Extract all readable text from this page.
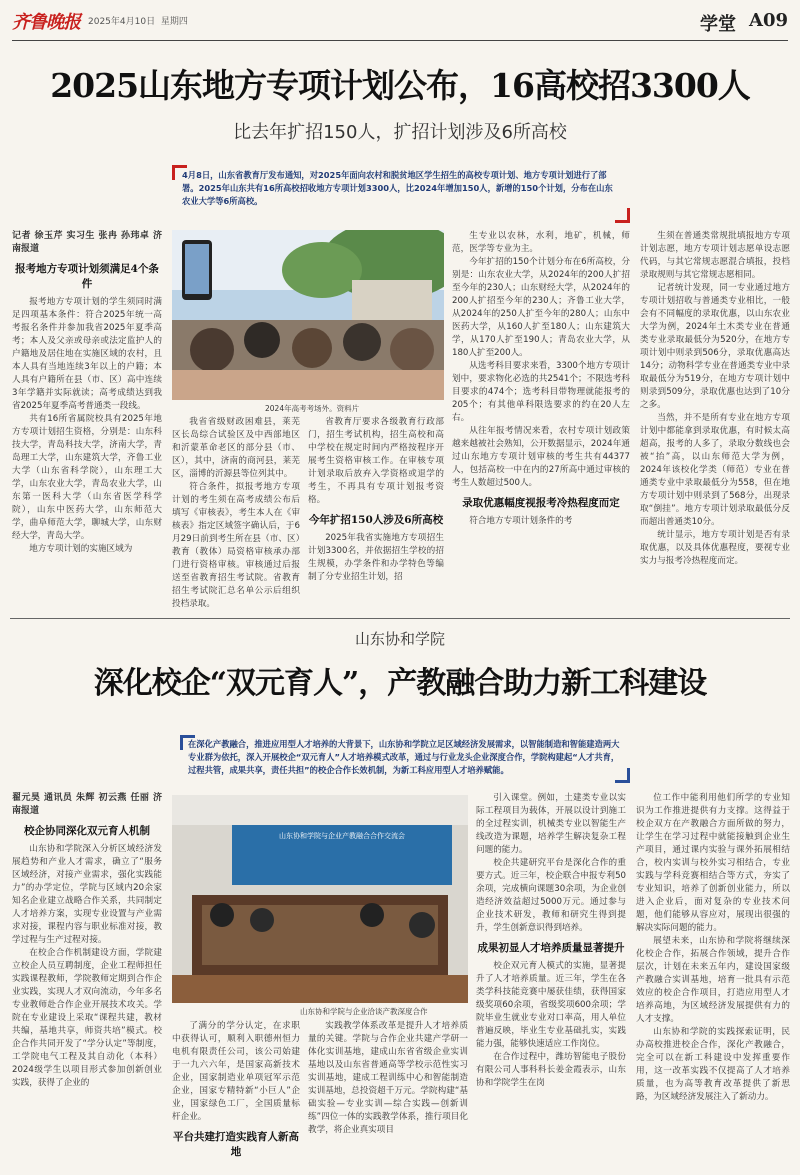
齐鲁晚报 2025年4月10日 星期四	学堂 A09
2025山东地方专项计划公布，16高校招3300人
比去年扩招150人，扩招计划涉及6所高校
4月8日，山东省教育厅发布通知，对2025年面向农村和脱贫地区学生招生的高校专项计划、地方专项计划进行了部署。2025年山东共有16所高校招收地方专项计划3300人，比2024年增加150人，新增的150个计划，分布在山东农业大学等6所高校。
记者 徐玉芹 实习生 张冉 孙玮卓 济南报道
报考地方专项计划须满足4个条件

报考地方专项计划的学生须同时满足四项基本条件：符合2025年统一高考报名条件并参加我省2025年夏季高考；本人及父亲或母亲或法定监护人的户籍地及居住地在实施区域的农村，且本人具有当地连续3年以上的户籍；本人具有户籍所在县（市、区）高中连续3年学籍并实际就读；高考成绩达到我省2025年夏季高考普通类一段线。

共有16所省属院校具有2025年地方专项计划招生资格，分别是：山东科技大学，青岛科技大学，济南大学，青岛理工大学，山东建筑大学，齐鲁工业大学（山东省科学院），山东理工大学，山东农业大学，青岛农业大学，山东第一医科大学（山东省医学科学院），山东中医药大学，山东师范大学，曲阜师范大学，聊城大学，山东财经大学，青岛大学。

地方专项计划的实施区域为

2024年高考考场外。资料片

我省省级财政困难县，莱芜区长岛综合试验区及中西部地区和沂蒙革命老区的部分县（市、区），其中，济南的商河县，莱芜区，淄博的沂源县等位列其中。

符合条件，拟报考地方专项计划的考生须在高考成绩公布后填写《审核表》，考生本人在《审核表》指定区域签字确认后，于6月29日前到考生所在县（市、区）教育（教体）局资格审核承办部门进行资格审核。审核通过后报送至省教育招生考试院。省教育招生考试院汇总名单公示后组织投档录取。

省教育厅要求各级教育行政部门，招生考试机构，招生高校和高中学校在规定时间内严格按程序开展考生资格审核工作。在审核专项计划录取后放弃入学资格或退学的考生，不再具有专项计划报考资格。

今年扩招150人涉及6所高校

2025年我省实施地方专项招生计划3300名，并依据招生学校的招生规模，办学条件和办学特色等编制了分专业招生计划，招

生专业以农林，水利，地矿，机械，师范，医学等专业为主。

今年扩招的150个计划分布在6所高校，分别是：山东农业大学，从2024年的200人扩招至今年的230人；山东财经大学，从2024年的200人扩招至今年的230人；齐鲁工业大学，从2024年的250人扩至今年的280人；山东中医药大学，从160人扩至180人；山东建筑大学，从170人扩至190人；青岛农业大学，从180人扩至200人。

从选考科目要求来看，3300个地方专项计划中，要求物化必选的共2541个；不限选考科目要求的474个；选考科目带物理就能报考的205个；有其他单科限选要求的约在20人左右。

从往年报考情况来看，农村专项计划政策越来越被社会熟知，公开数据显示，2024年通过山东地方专项计划审核的考生共有44377人，包括高校一中在内的27所高中通过审核的考生人数超过500人。

录取优惠幅度视报考冷热程度而定

符合地方专项计划条件的考

生须在普通类常规批填报地方专项计划志愿，地方专项计划志愿单设志愿代码，与其它常规志愿混合填报，投档录取规则与其它常规志愿相同。

记者统计发现，同一专业通过地方专项计划招收与普通类专业相比，一般会有不同幅度的录取优惠，以山东农业大学为例，2024年土木类专业在普通类专业录取最低分为520分，在地方专项计划中则录到506分，录取优惠高达14分；动物科学专业在普通类专业中录取最低分为519分，在地方专项计划中则录到509分，录取优惠也达到了10分之多。

当然，并不是所有专业在地方专项计划中都能拿到录取优惠，有时候太高超高，报考的人多了，录取分数线也会被“抬”高，以山东师范大学为例，2024年该校化学类（师范）专业在普通类专业中录取最低分为558，但在地方专项计划中则录到了568分，出现录取“倒挂”。地方专项计划录取最低分反而超出普通类10分。

统计显示，地方专项计划是否有录取优惠，以及具体优惠程度，要视专业实力与报考冷热程度而定。

山东协和学院
深化校企“双元育人”，产教融合助力新工科建设
在深化产教融合，推进应用型人才培养的大背景下，山东协和学院立足区域经济发展需求，以智能制造和智能建造两大专业群为依托，深入开展校企“双元育人”人才培养模式改革，通过与行业龙头企业深度合作，学院构建起“人才共育，过程共管，成果共享，责任共担”的校企合作长效机制，为新工科应用型人才培养赋能。
翟元昊 通讯员 朱辉 初云燕 任丽 济南报道
校企协同深化双元育人机制

山东协和学院深入分析区域经济发展趋势和产业人才需求，确立了“服务区域经济，对接产业需求，强化实践能力”的办学定位，学院与区域内20余家知名企业建立战略合作关系，共同制定人才培养方案，实现专业设置与产业需求对接，课程内容与职业标准对接，教学过程与生产过程对接。

在校企合作机制建设方面，学院建立校企人员互聘制度，企业工程师担任实践课程教师，学院教师定期到合作企业实践，实现人才双向流动，今年多名专业教师赴合作企业开展技术攻关。学院在专业建设上采取“课程共建，教材共编，基地共享，师资共培”模式。校企合作共同开发了“学分认定”等制度，工学院电气工程及其自动化（本科）2024级学生以项目形式参加创新创业实践，获得了企业的

山东协和学院与企业产教融合合作交流会
山东协和学院与企业洽谈产教深度合作

了满分的学分认定，在求职中获得认可，顺利入职德州恒力电机有限责任公司，该公司始建于一九六六年，是国家高新技术企业，国家制造业单项冠军示范企业，国家专精特新“小巨人”企业，国家绿色工厂，全国质量标杆企业。

平台共建打造实践育人新高地

实践教学体系改革是提升人才培养质量的关键。学院与合作企业共建产学研一体化实训基地，建成山东省省级企业实训基地以及山东省普通高等学校示范性实习实训基地，建成工程训练中心和智能制造实训基地，总投资超千万元。学院构建“基础实验—专业实训—综合实践—创新训练”四位一体的实践教学体系，推行项目化教学，将企业真实项目

引入课堂。例如，土建类专业以实际工程项目为载体，开展以设计到施工的全过程实训，机械类专业以智能生产线改造为课题，培养学生解决复杂工程问题的能力。

校企共建研究平台是深化合作的重要方式。近三年，校企联合申报专利50余项，完成横向课题30余项，为企业创造经济效益超过5000万元。通过参与企业技术研发，教师和研究生得到提升，学生创新意识得到培养。

成果初显人才培养质量显著提升

校企双元育人模式的实施，显著提升了人才培养质量。近三年，学生在各类学科技能竞赛中屡获佳绩，获得国家级奖项60余项，省级奖项600余项；学院毕业生就业专业对口率高，用人单位普遍反映，毕业生专业基础扎实，实践能力强，能够快速适应工作岗位。

在合作过程中，潍坊智能电子股份有限公司人事科科长姜金霞表示，山东协和学院学生在岗

位工作中能利用他们所学的专业知识为工作推进提供有力支撑。这得益于校企双方在产教融合方面所做的努力，让学生在学习过程中就能接触到企业生产项目，通过课内实验与课外拓展相结合，校内实训与校外实习相结合，专业实践与学科竞赛相结合等方式，夯实了专业知识，培养了创新创业能力，所以进入企业后，面对复杂的专业技术问题，他们能够从容应对，展现出很强的解决实际问题的能力。

展望未来，山东协和学院将继续深化校企合作，拓展合作领域，提升合作层次，计划在未来五年内，建设国家级产教融合实训基地，培育一批具有示范效应的校企合作项目，打造应用型人才培养高地，为区域经济发展提供有力的人才支撑。

山东协和学院的实践探索证明，民办高校推进校企合作，深化产教融合，完全可以在新工科建设中发挥重要作用，这一改革实践不仅提高了人才培养质量，也为高等教育改革提供了新思路，为区域经济发展注入了新动力。
